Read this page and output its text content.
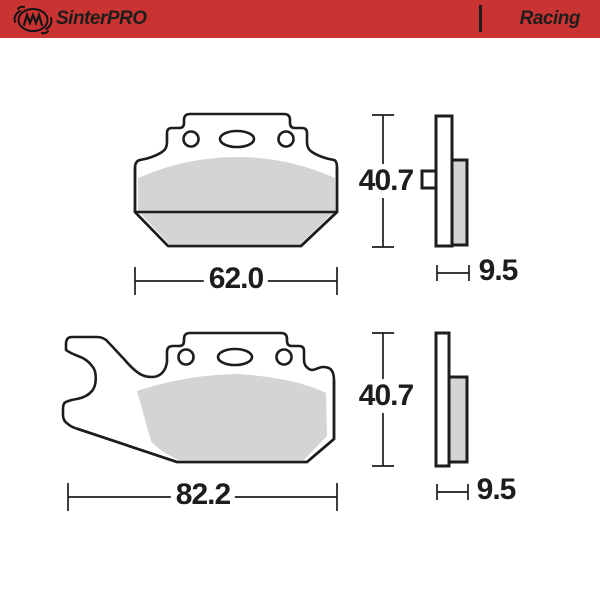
40.7
62.0	9.5
40.7
82.2	9.5
SinterPRO	Racing
